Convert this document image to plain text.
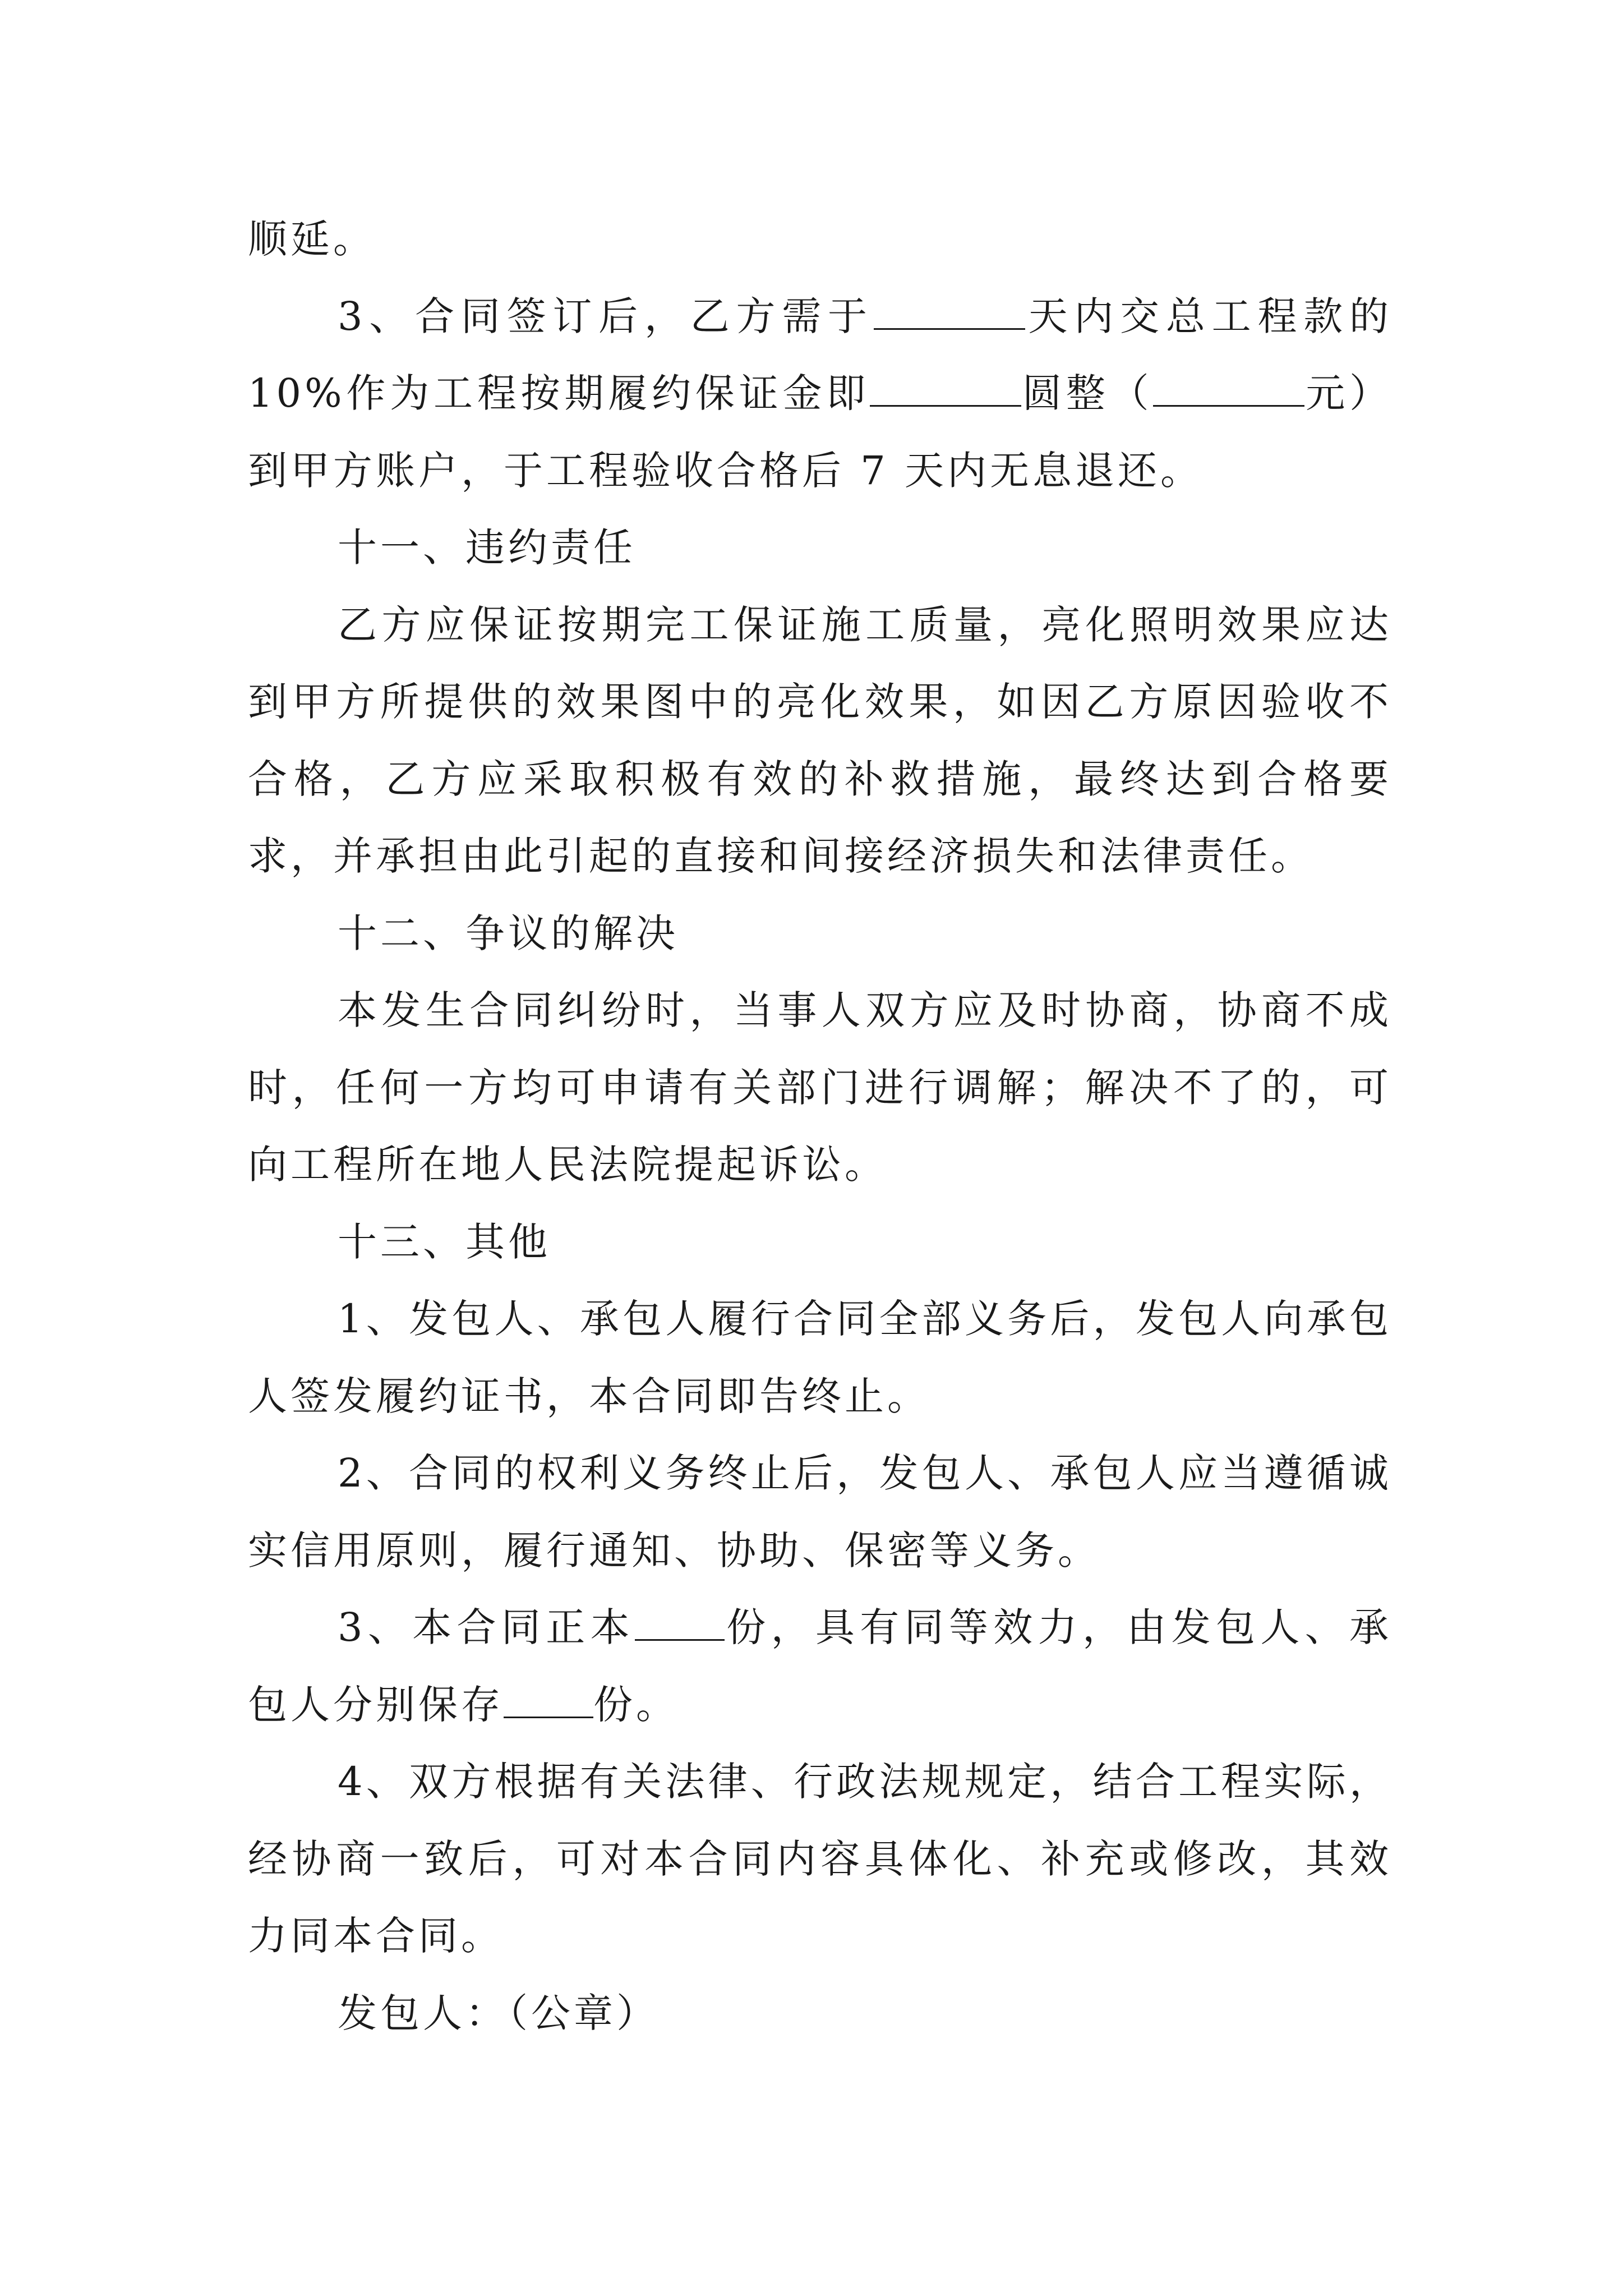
顺延。

3、合同签订后，乙方需于	天内交总工程款的 10%作为工程按期履约保证金即	圆整（	元）到甲方账户，于工程验收合格后 7 天内无息退还。

十一、违约责任

乙方应保证按期完工保证施工质量，亮化照明效果应达到甲方所提供的效果图中的亮化效果，如因乙方原因验收不合格，乙方应采取积极有效的补救措施，最终达到合格要求，并承担由此引起的直接和间接经济损失和法律责任。

十二、争议的解决

本发生合同纠纷时，当事人双方应及时协商，协商不成时，任何一方均可申请有关部门进行调解；解决不了的，可向工程所在地人民法院提起诉讼。

十三、其他

1、发包人、承包人履行合同全部义务后，发包人向承包人签发履约证书，本合同即告终止。

2、合同的权利义务终止后，发包人、承包人应当遵循诚实信用原则，履行通知、协助、保密等义务。

3、本合同正本 份，具有同等效力，由发包人、承包人分别保存 份。

4、双方根据有关法律、行政法规规定，结合工程实际，经协商一致后，可对本合同内容具体化、补充或修改，其效力同本合同。

发包人：（公章）
